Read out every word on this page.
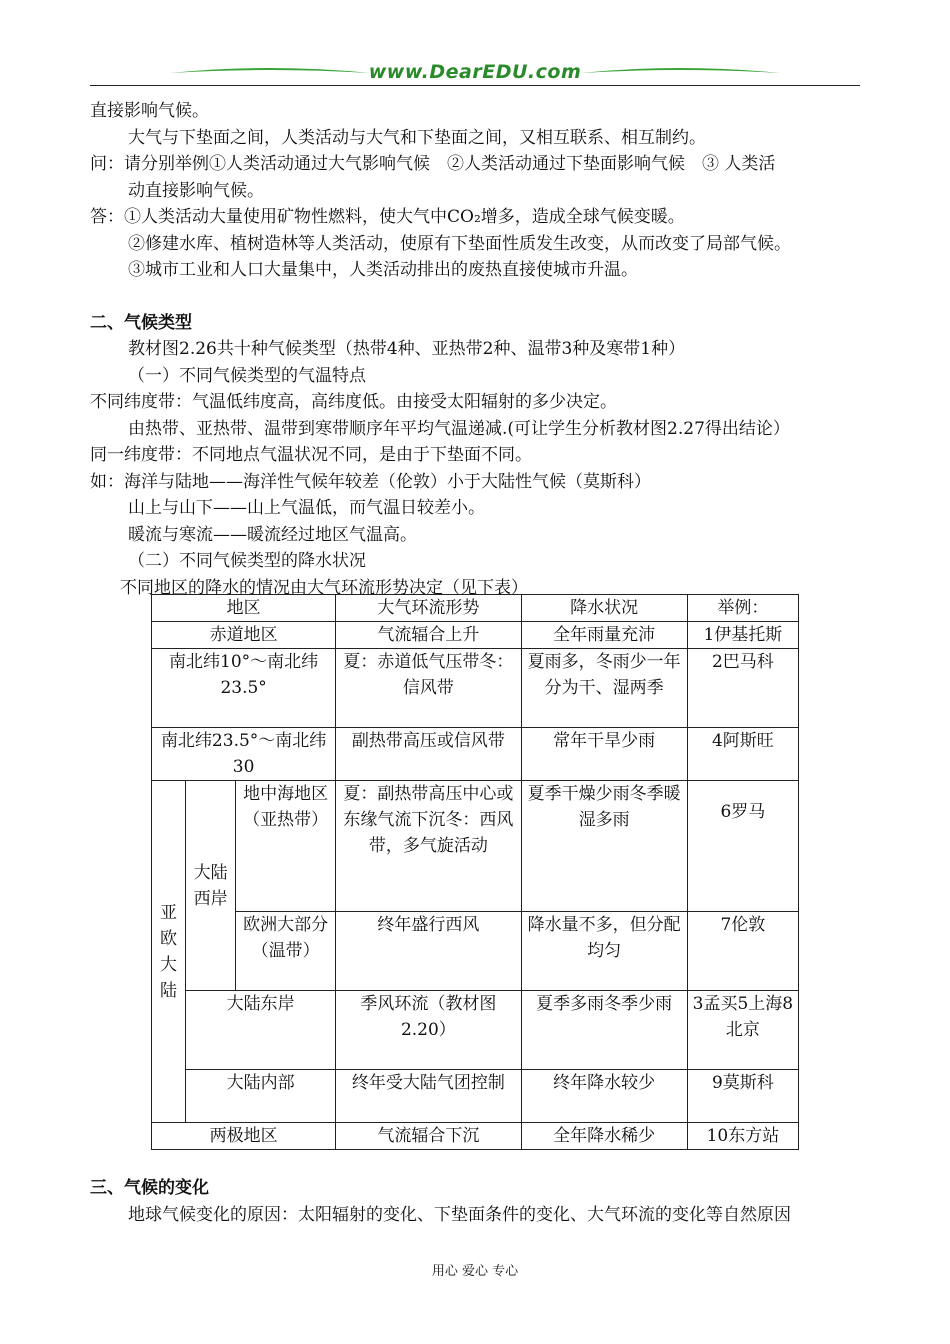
www.DearEDU.com

直接影响气候。

大气与下垫面之间，人类活动与大气和下垫面之间，又相互联系、相互制约。

问：请分别举例①人类活动通过大气影响气候　②人类活动通过下垫面影响气候　③ 人类活

动直接影响气候。

答：①人类活动大量使用矿物性燃料，使大气中CO₂增多，造成全球气候变暖。

②修建水库、植树造林等人类活动，使原有下垫面性质发生改变，从而改变了局部气候。

③城市工业和人口大量集中，人类活动排出的废热直接使城市升温。

二、气候类型

教材图2.26共十种气候类型（热带4种、亚热带2种、温带3种及寒带1种）

（一）不同气候类型的气温特点

不同纬度带：气温低纬度高，高纬度低。由接受太阳辐射的多少决定。

由热带、亚热带、温带到寒带顺序年平均气温递减.(可让学生分析教材图2.27得出结论）

同一纬度带：不同地点气温状况不同，是由于下垫面不同。

如：海洋与陆地——海洋性气候年较差（伦敦）小于大陆性气候（莫斯科）

山上与山下——山上气温低，而气温日较差小。

暖流与寒流——暖流经过地区气温高。

（二）不同气候类型的降水状况

不同地区的降水的情况由大气环流形势决定（见下表）

地区			大气环流形势	降水状况	举例：
赤道地区			气流辐合上升	全年雨量充沛	1伊基托斯
南北纬10°～南北纬23.5°			夏：赤道低气压带冬：信风带	夏雨多，冬雨少一年分为干、湿两季	2巴马科
南北纬23.5°～南北纬30			副热带高压或信风带	常年干旱少雨	4阿斯旺
亚欧大陆	大陆西岸	地中海地区（亚热带）	夏：副热带高压中心或东缘气流下沉冬：西风带，多气旋活动	夏季干燥少雨冬季暖湿多雨	6罗马
		欧洲大部分（温带）	终年盛行西风	降水量不多，但分配均匀	7伦敦
	大陆东岸		季风环流（教材图2.20）	夏季多雨冬季少雨	3孟买5上海8北京
	大陆内部		终年受大陆气团控制	终年降水较少	9莫斯科
两极地区			气流辐合下沉	全年降水稀少	10东方站

三、气候的变化

地球气候变化的原因：太阳辐射的变化、下垫面条件的变化、大气环流的变化等自然原因

用心 爱心 专心
